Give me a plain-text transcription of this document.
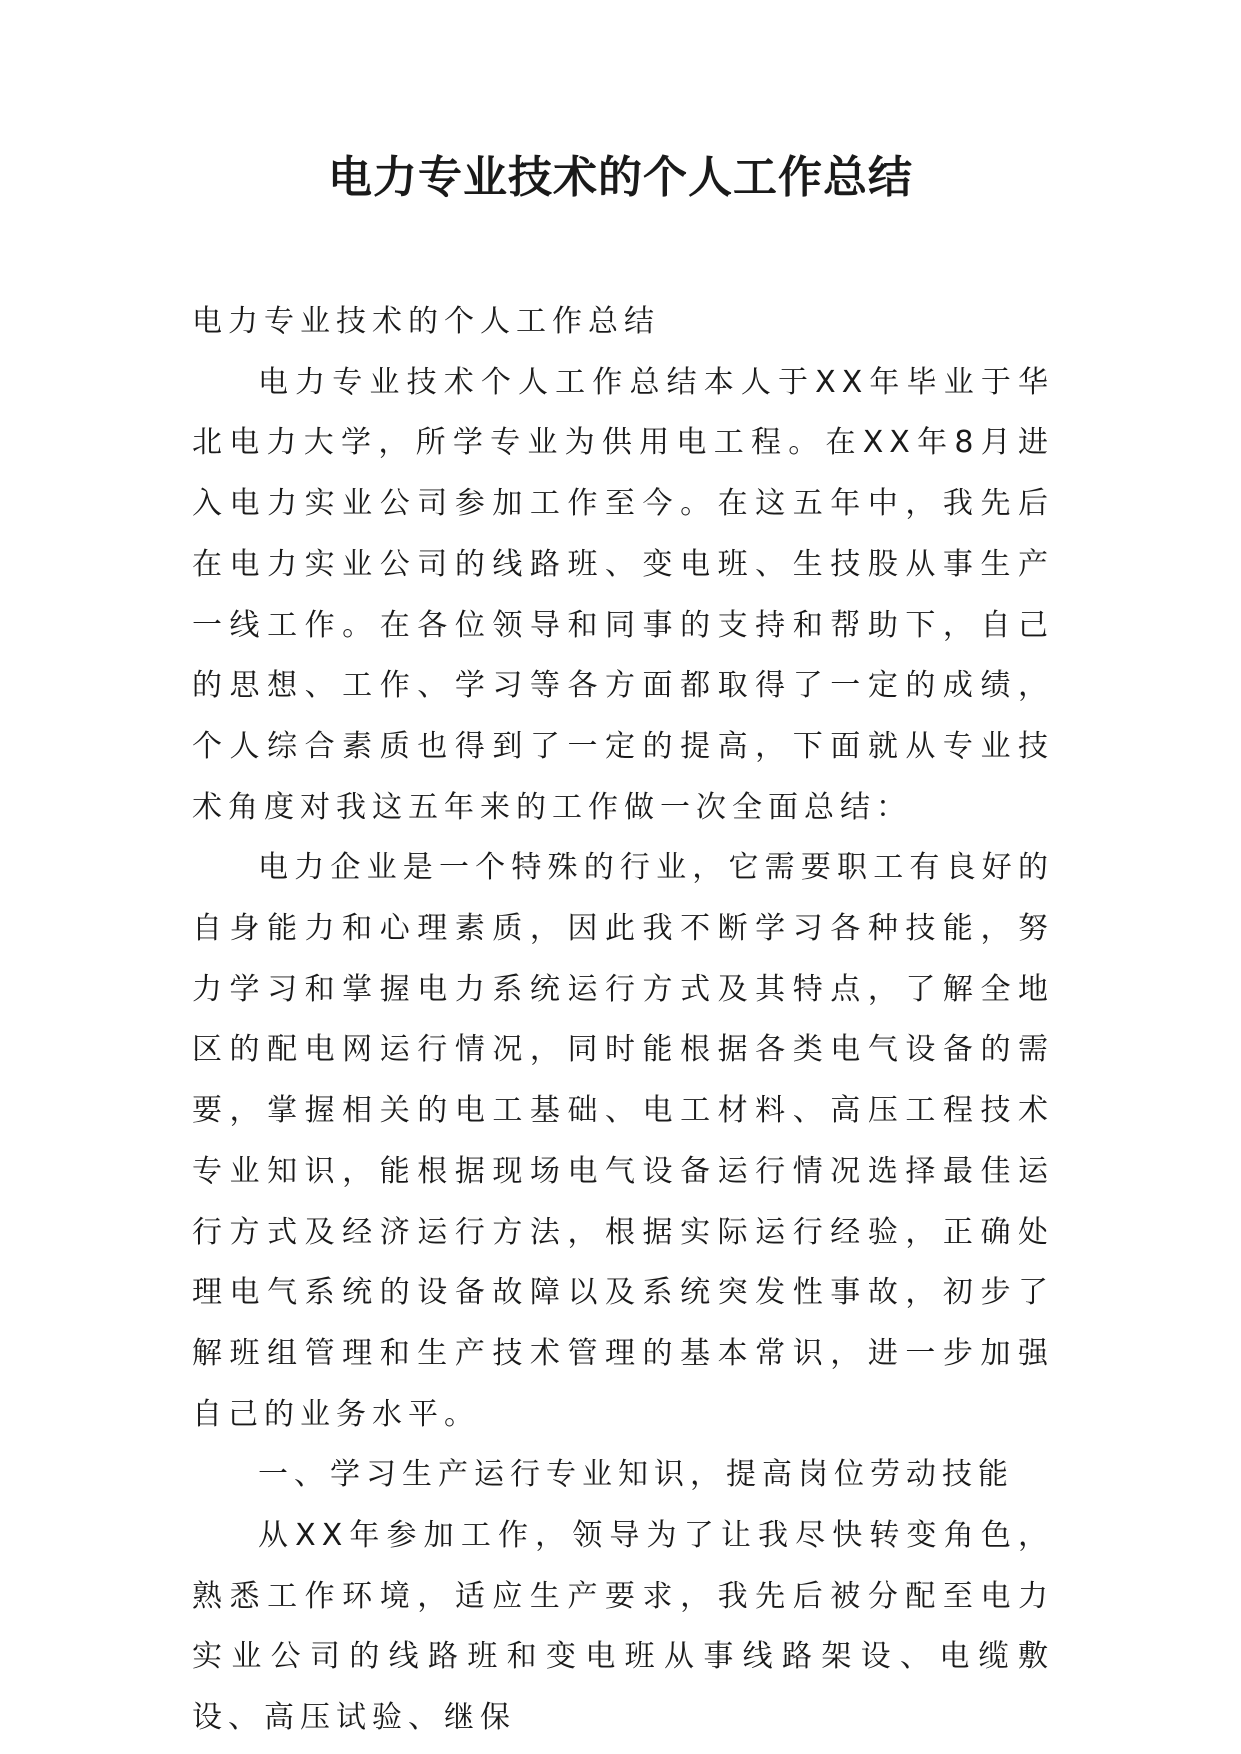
电力专业技术的个人工作总结

电力专业技术的个人工作总结

电力专业技术个人工作总结本人于XX年毕业于华北电力大学，所学专业为供用电工程。在XX年8月进入电力实业公司参加工作至今。在这五年中，我先后在电力实业公司的线路班、变电班、生技股从事生产一线工作。在各位领导和同事的支持和帮助下，自己的思想、工作、学习等各方面都取得了一定的成绩，个人综合素质也得到了一定的提高，下面就从专业技术角度对我这五年来的工作做一次全面总结：

电力企业是一个特殊的行业，它需要职工有良好的自身能力和心理素质，因此我不断学习各种技能，努力学习和掌握电力系统运行方式及其特点，了解全地区的配电网运行情况，同时能根据各类电气设备的需要，掌握相关的电工基础、电工材料、高压工程技术专业知识，能根据现场电气设备运行情况选择最佳运行方式及经济运行方法，根据实际运行经验，正确处理电气系统的设备故障以及系统突发性事故，初步了解班组管理和生产技术管理的基本常识，进一步加强自己的业务水平。

一、学习生产运行专业知识，提高岗位劳动技能

从XX年参加工作，领导为了让我尽快转变角色，熟悉工作环境，适应生产要求，我先后被分配至电力实业公司的线路班和变电班从事线路架设、电缆敷设、高压试验、继保
